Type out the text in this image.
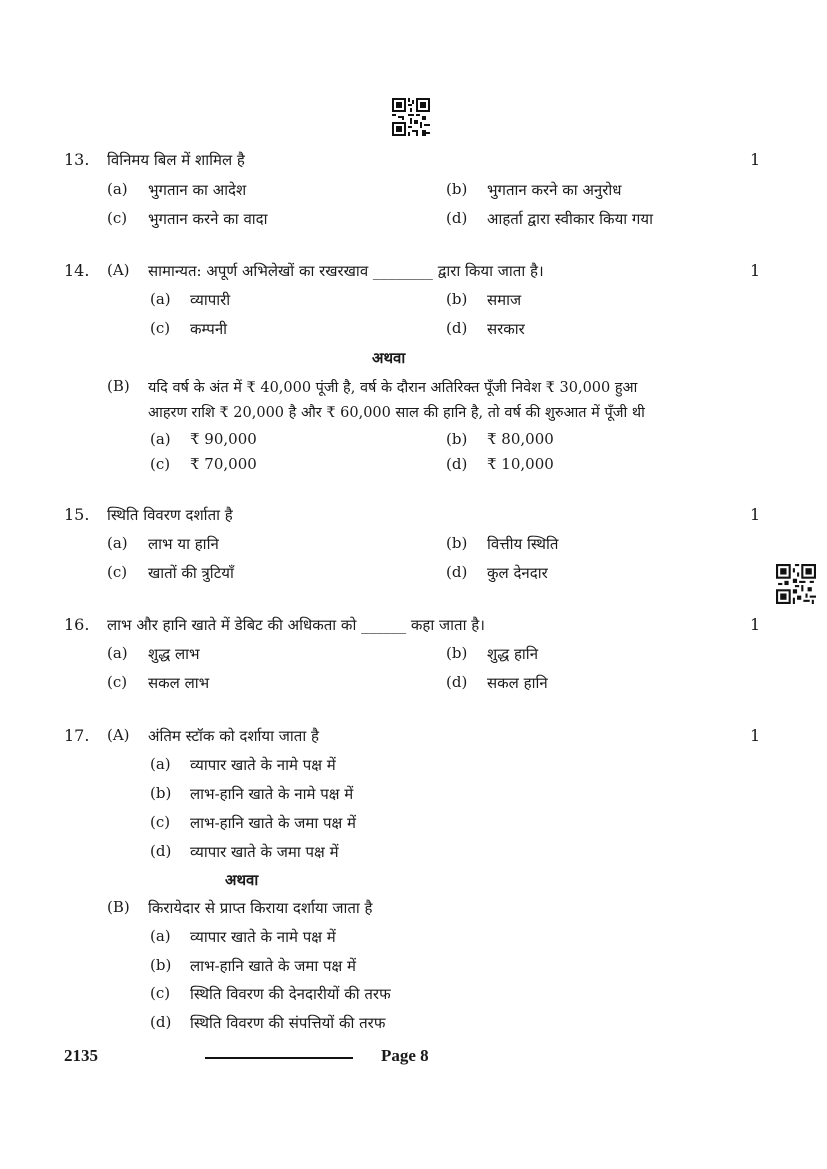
13. विनिमय बिल में शामिल है	1
(a) भुगतान का आदेश	(b) भुगतान करने का अनुरोध
(c) भुगतान करने का वादा	(d) आहर्ता द्वारा स्वीकार किया गया
14. (A) सामान्यत: अपूर्ण अभिलेखों का रखरखाव ________ द्वारा किया जाता है।	1
(a) व्यापारी	(b) समाज
(c) कम्पनी	(d) सरकार
अथवा
(B) यदि वर्ष के अंत में ₹ 40,000 पूंजी है, वर्ष के दौरान अतिरिक्त पूँजी निवेश ₹ 30,000 हुआ
आहरण राशि ₹ 20,000 है और ₹ 60,000 साल की हानि है, तो वर्ष की शुरुआत में पूँजी थी
(a) ₹ 90,000	(b) ₹ 80,000
(c) ₹ 70,000	(d) ₹ 10,000
15. स्थिति विवरण दर्शाता है	1
(a) लाभ या हानि	(b) वित्तीय स्थिति
(c) खातों की त्रुटियाँ	(d) कुल देनदार
16. लाभ और हानि खाते में डेबिट की अधिकता को ______ कहा जाता है।	1
(a) शुद्ध लाभ	(b) शुद्ध हानि
(c) सकल लाभ	(d) सकल हानि
17. (A) अंतिम स्टॉक को दर्शाया जाता है	1
(a) व्यापार खाते के नामे पक्ष में
(b) लाभ-हानि खाते के नामे पक्ष में
(c) लाभ-हानि खाते के जमा पक्ष में
(d) व्यापार खाते के जमा पक्ष में
अथवा
(B) किरायेदार से प्राप्त किराया दर्शाया जाता है
(a) व्यापार खाते के नामे पक्ष में
(b) लाभ-हानि खाते के जमा पक्ष में
(c) स्थिति विवरण की देनदारीयों की तरफ
(d) स्थिति विवरण की संपत्तियों की तरफ
2135	Page 8
